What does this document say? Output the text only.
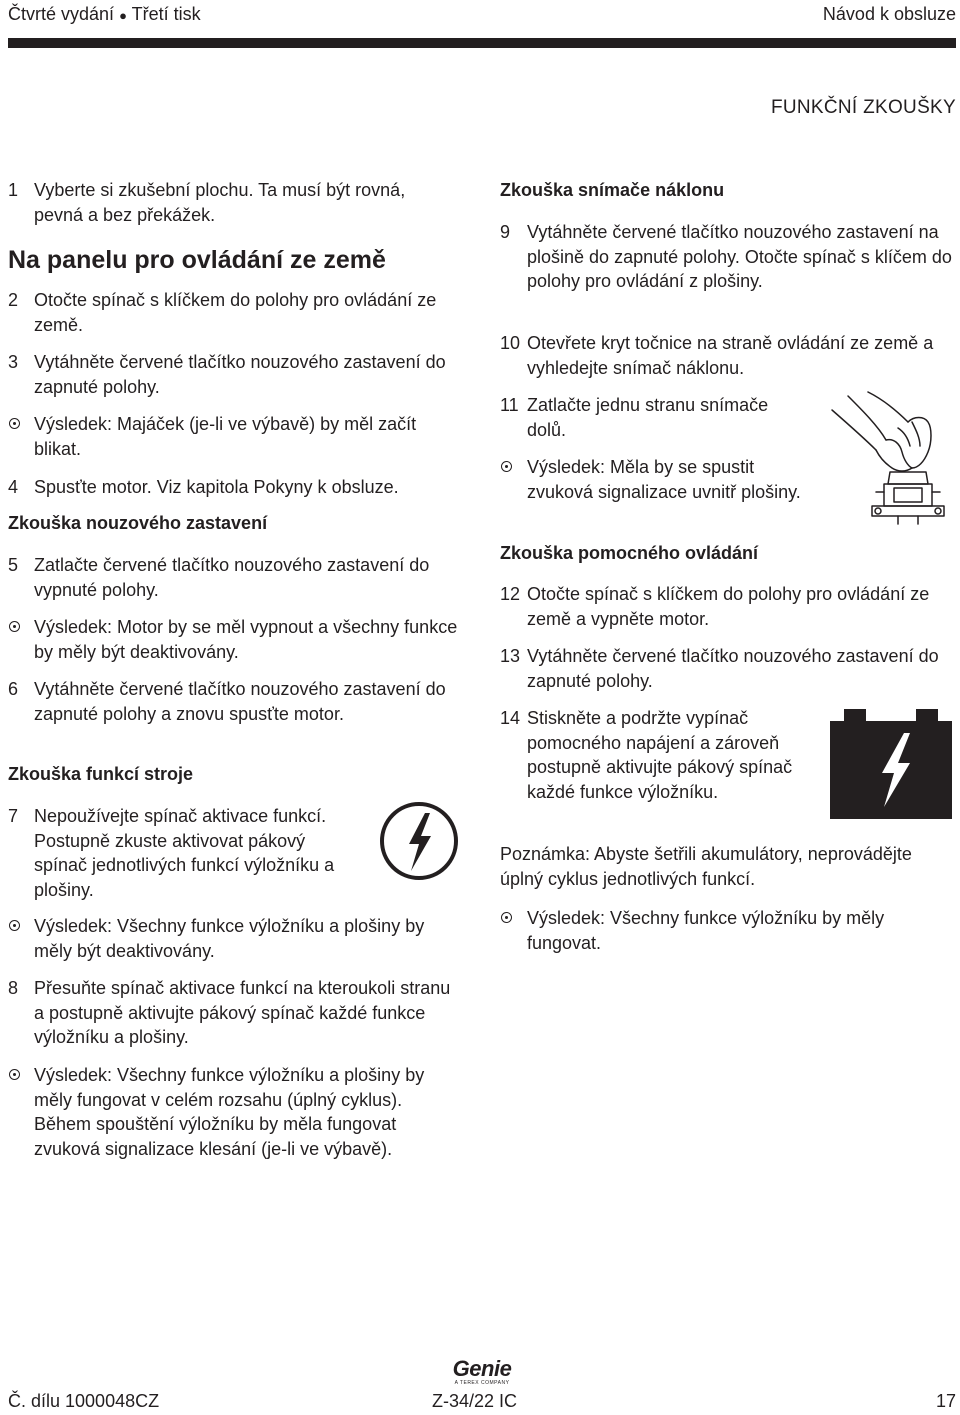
Čtvrté vydání ● Třetí tisk	Návod k obsluze
FUNKČNÍ ZKOUŠKY
1 Vyberte si zkušební plochu. Ta musí být rovná, pevná a bez překážek.
Na panelu pro ovládání ze země
2 Otočte spínač s klíčkem do polohy pro ovládání ze země.
3 Vytáhněte červené tlačítko nouzového zastavení do zapnuté polohy.
Výsledek: Majáček (je-li ve výbavě) by měl začít blikat.
4 Spusťte motor. Viz kapitola Pokyny k obsluze.
Zkouška nouzového zastavení
5 Zatlačte červené tlačítko nouzového zastavení do vypnuté polohy.
Výsledek: Motor by se měl vypnout a všechny funkce by měly být deaktivovány.
6 Vytáhněte červené tlačítko nouzového zastavení do zapnuté polohy a znovu spusťte motor.
Zkouška funkcí stroje
7 Nepoužívejte spínač aktivace funkcí. Postupně zkuste aktivovat pákový spínač jednotlivých funkcí výložníku a plošiny.
Výsledek: Všechny funkce výložníku a plošiny by měly být deaktivovány.
8 Přesuňte spínač aktivace funkcí na kteroukoli stranu a postupně aktivujte pákový spínač každé funkce výložníku a plošiny.
Výsledek: Všechny funkce výložníku a plošiny by měly fungovat v celém rozsahu (úplný cyklus). Během spouštění výložníku by měla fungovat zvuková signalizace klesání (je-li ve výbavě).
Zkouška snímače náklonu
9 Vytáhněte červené tlačítko nouzového zastavení na plošině do zapnuté polohy. Otočte spínač s klíčem do polohy pro ovládání z plošiny.
10 Otevřete kryt točnice na straně ovládání ze země a vyhledejte snímač náklonu.
11 Zatlačte jednu stranu snímače dolů.
Výsledek: Měla by se spustit zvuková signalizace uvnitř plošiny.
Zkouška pomocného ovládání
12 Otočte spínač s klíčkem do polohy pro ovládání ze země a vypněte motor.
13 Vytáhněte červené tlačítko nouzového zastavení do zapnuté polohy.
14 Stiskněte a podržte vypínač pomocného napájení a zároveň postupně aktivujte pákový spínač každé funkce výložníku.
Poznámka: Abyste šetřili akumulátory, neprovádějte úplný cyklus jednotlivých funkcí.
Výsledek: Všechny funkce výložníku by měly fungovat.
Genie
A TEREX COMPANY
Č. dílu 1000048CZ	Z-34/22 IC	17
